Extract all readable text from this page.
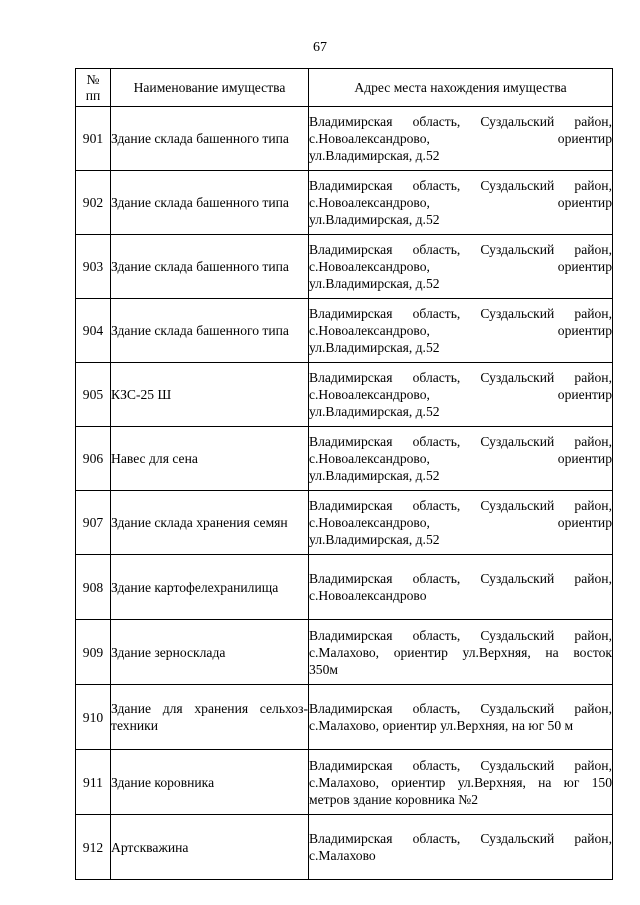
67
№
пп	Наименование имущества	Адрес места нахождения имущества
901	Здание склада башенного типа	Владимирская область, Суздальский район,
с.Новоалександрово, ориентир
ул.Владимирская, д.52

902	Здание склада башенного типа	Владимирская область, Суздальский район,
с.Новоалександрово, ориентир
ул.Владимирская, д.52

903	Здание склада башенного типа	Владимирская область, Суздальский район,
с.Новоалександрово, ориентир
ул.Владимирская, д.52

904	Здание склада башенного типа	Владимирская область, Суздальский район,
с.Новоалександрово, ориентир
ул.Владимирская, д.52

905	КЗС-25 Ш	Владимирская область, Суздальский район,
с.Новоалександрово, ориентир
ул.Владимирская, д.52

906	Навес для сена	Владимирская область, Суздальский район,
с.Новоалександрово, ориентир
ул.Владимирская, д.52

907	Здание склада хранения семян	Владимирская область, Суздальский район,
с.Новоалександрово, ориентир
ул.Владимирская, д.52

908	Здание картофелехранилища	Владимирская область, Суздальский район,
с.Новоалександрово

909	Здание зерносклада	Владимирская область, Суздальский район,
с.Малахово, ориентир ул.Верхняя, на восток
350м

910	Здание для хранения сельхоз-техники	Владимирская область, Суздальский район,
с.Малахово, ориентир ул.Верхняя, на юг 50 м

911	Здание коровника	Владимирская область, Суздальский район,
с.Малахово, ориентир ул.Верхняя, на юг 150
метров здание коровника №2

912	Артскважина	Владимирская область, Суздальский район,
с.Малахово
